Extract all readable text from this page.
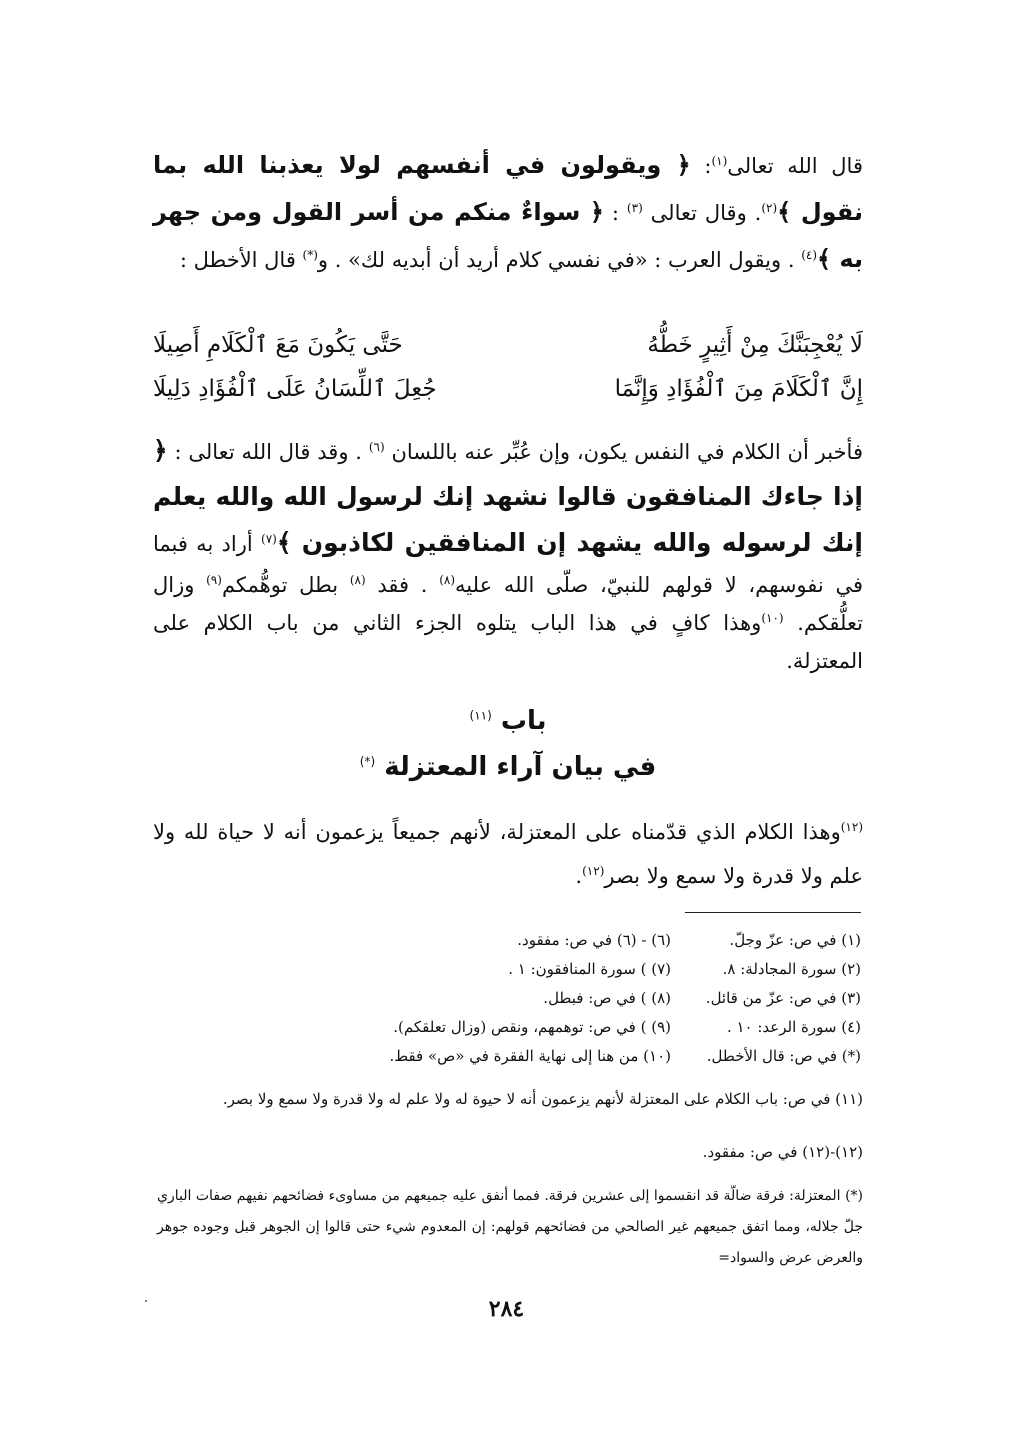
قال الله تعالى$^{(١)}$: ﴿ ويقولون في أنفسهم لولا يعذبنا الله بما نقول ﴾$^{(٢)}$. وقال تعالى $^{(٣)}$ : ﴿ سواءٌ منكم من أسر القول ومن جهر به ﴾$^{(٤)}$ . ويقول العرب : «في نفسي كلام أريد أن أبديه لك» . و(*) قال الأخطل :
لَا يُعْجِبَنَّكَ مِنْ أَثِيرٍ خَطُّهُ
حَتَّى يَكُونَ مَعَ ٱلْكَلَامِ أَصِيلَا
إِنَّ ٱلْكَلَامَ مِنَ ٱلْفُؤَادِ وَإِنَّمَا
جُعِلَ ٱللِّسَانُ عَلَى ٱلْفُؤَادِ دَلِيلَا
فأخبر أن الكلام في النفس يكون، وإن عُبِّر عنه باللسان $^{(٦)}$ . وقد قال الله تعالى : ﴿ إذا جاءك المنافقون قالوا نشهد إنك لرسول الله والله يعلم إنك لرسوله والله يشهد إن المنافقين لكاذبون ﴾$^{(٧)}$ أراد به فبما في نفوسهم، لا قولهم للنبيّ، صلّى الله عليه$^{(٨)}$ . فقد $^{(٨)}$ بطل توهُّمكم$^{(٩)}$ وزال تعلُّقكم. $^{(١٠)}$وهذا كافٍ في هذا الباب يتلوه الجزء الثاني من باب الكلام على المعتزلة.
باب $^{(١١)}$
في بيان آراء المعتزلة (*)
$^{(١٢)}$وهذا الكلام الذي قدّمناه على المعتزلة، لأنهم جميعاً يزعمون أنه لا حياة لله ولا علم ولا قدرة ولا سمع ولا بصر$^{(١٢)}$.
(١) في ص: عزّ وجلّ.
(٦) - (٦) في ص: مفقود.
(٢) سورة المجادلة: ٨.
(٧) ) سورة المنافقون: ١ .
(٣) في ص: عزّ من قائل.
(٨) ) في ص: فبطل.
(٤) سورة الرعد: ١٠ .
(٩) ) في ص: توهمهم، ونقص (وزال تعلقكم).
(*) في ص: قال الأخطل.
(١٠) من هنا إلى نهاية الفقرة في «ص» فقط.
(١١) في ص: باب الكلام على المعتزلة لأنهم يزعمون أنه لا حيوة له ولا علم له ولا قدرة ولا سمع ولا بصر.
(١٢)-(١٢) في ص: مفقود.
(*) المعتزلة: فرقة ضالّة قد انقسموا إلى عشرين فرقة. فمما أنفق عليه جميعهم من مساوىء فضائحهم نفيهم صفات الباري جلّ جلاله، ومما اتفق جميعهم غير الصالحي من فضائحهم قولهم: إن المعدوم شيء حتى قالوا إن الجوهر قبل وجوده جوهر والعرض عرض والسواد=
٢٨٤
